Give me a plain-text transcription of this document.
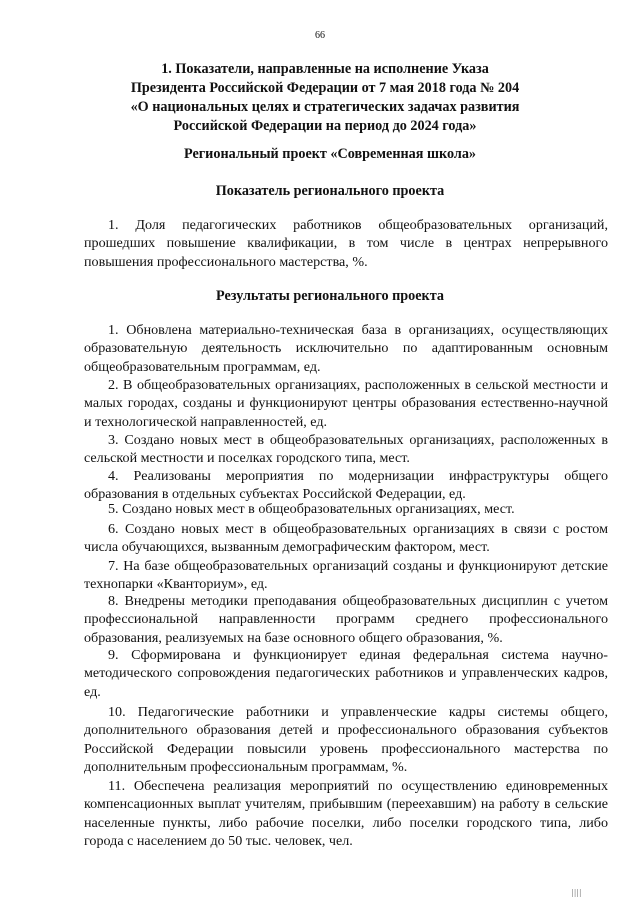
66
1. Показатели, направленные на исполнение Указа
Президента Российской Федерации от 7 мая 2018 года № 204
«О национальных целях и стратегических задачах развития
Российской Федерации на период до 2024 года»
Региональный проект «Современная школа»
Показатель регионального проекта
1. Доля педагогических работников общеобразовательных организаций, прошедших повышение квалификации, в том числе в центрах непрерывного повышения профессионального мастерства, %.
Результаты регионального проекта
1. Обновлена материально-техническая база в организациях, осуществляющих образовательную деятельность исключительно по адаптированным основным общеобразовательным программам, ед.
2. В общеобразовательных организациях, расположенных в сельской местности и малых городах, созданы и функционируют центры образования естественно-научной и технологической направленностей, ед.
3. Создано новых мест в общеобразовательных организациях, расположенных в сельской местности и поселках городского типа, мест.
4. Реализованы мероприятия по модернизации инфраструктуры общего образования в отдельных субъектах Российской Федерации, ед.
5. Создано новых мест в общеобразовательных организациях, мест.
6. Создано новых мест в общеобразовательных организациях в связи с ростом числа обучающихся, вызванным демографическим фактором, мест.
7. На базе общеобразовательных организаций созданы и функционируют детские технопарки «Кванториум», ед.
8. Внедрены методики преподавания общеобразовательных дисциплин с учетом профессиональной направленности программ среднего профессионального образования, реализуемых на базе основного общего образования, %.
9. Сформирована и функционирует единая федеральная система научно-методического сопровождения педагогических работников и управленческих кадров, ед.
10. Педагогические работники и управленческие кадры системы общего, дополнительного образования детей и профессионального образования субъектов Российской Федерации повысили уровень профессионального мастерства по дополнительным профессиональным программам, %.
11. Обеспечена реализация мероприятий по осуществлению единовременных компенсационных выплат учителям, прибывшим (переехавшим) на работу в сельские населенные пункты, либо рабочие поселки, либо поселки городского типа, либо города с населением до 50 тыс. человек, чел.
||||
